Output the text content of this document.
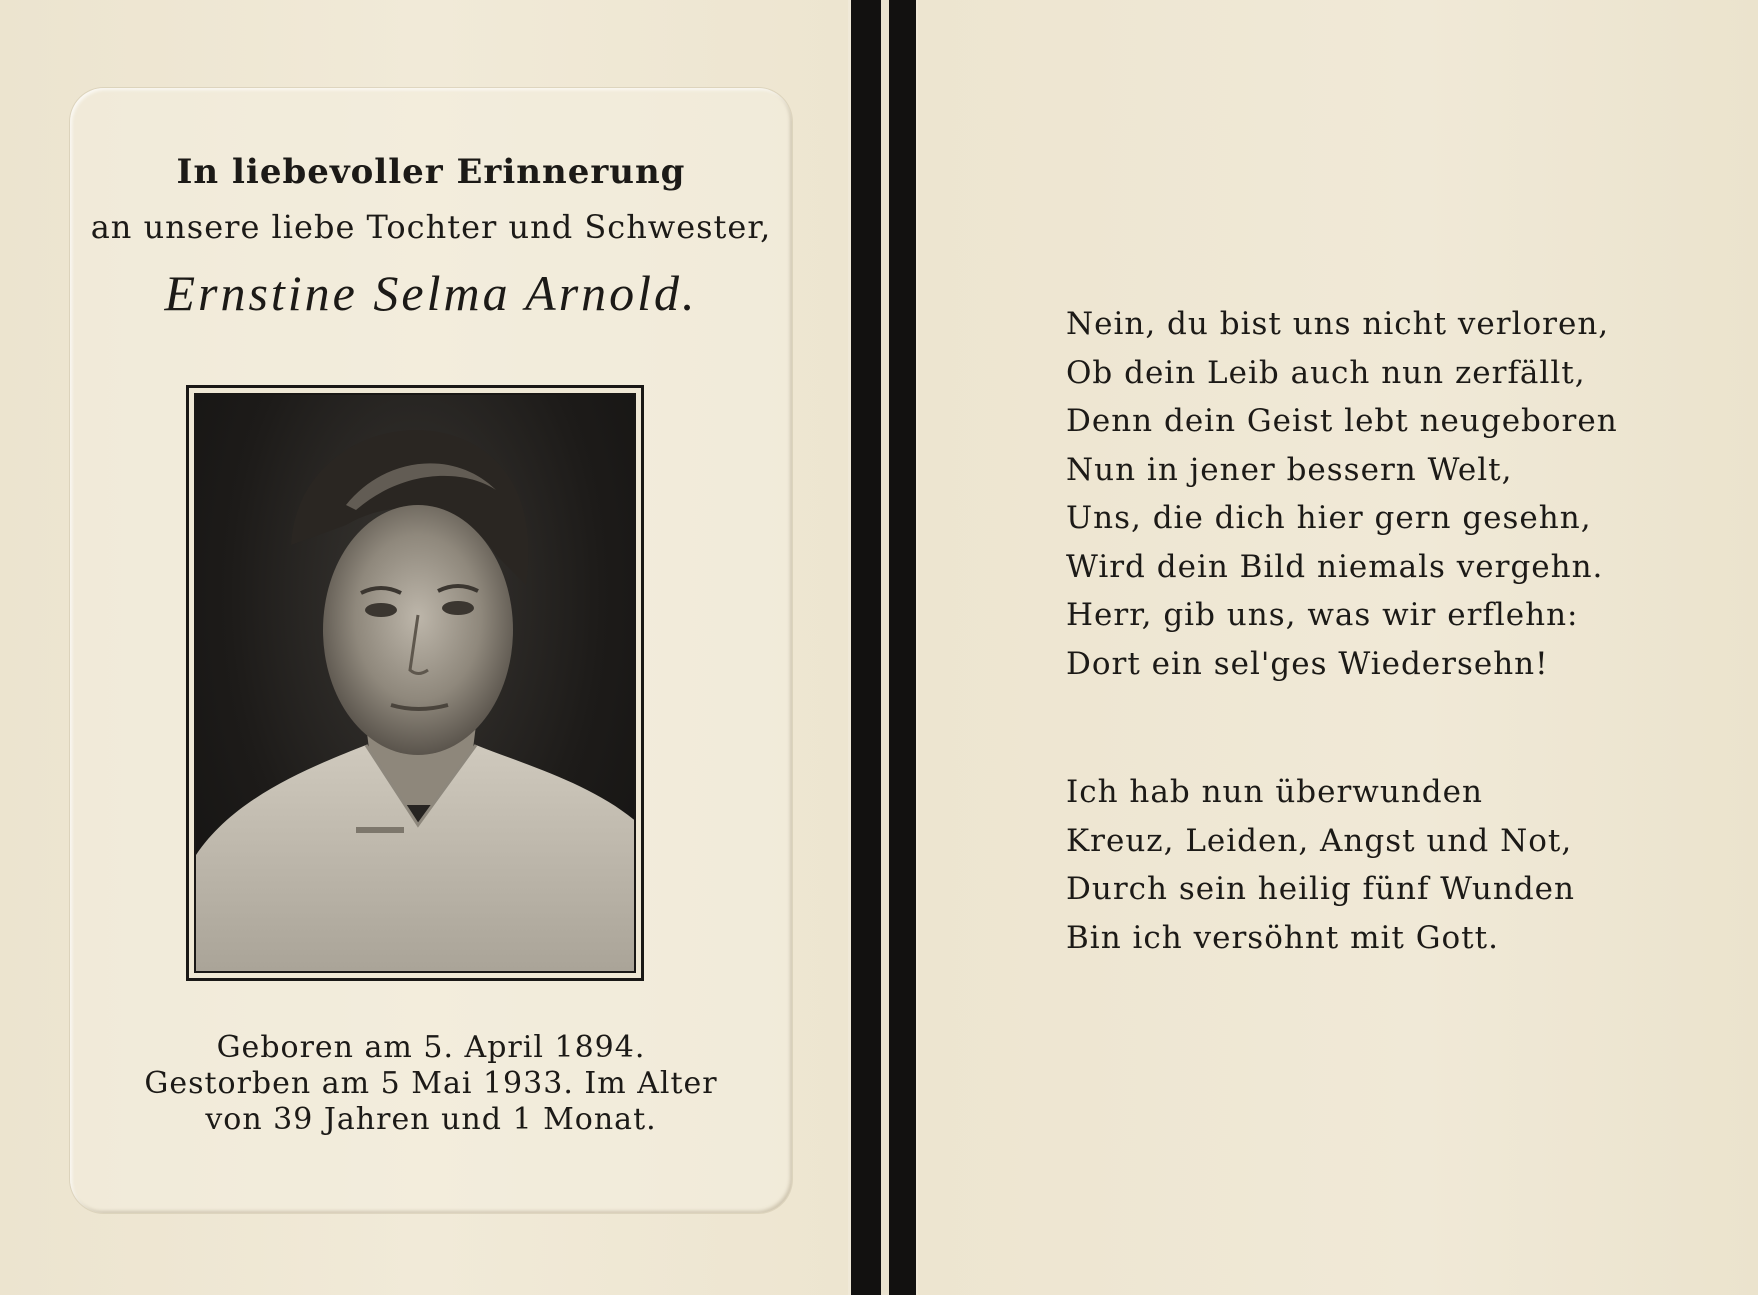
In liebevoller Erinnerung
an unsere liebe Tochter und Schwester,
Ernstine Selma Arnold.
Geboren am 5. April 1894.
Gestorben am 5 Mai 1933. Im Alter
von 39 Jahren und 1 Monat.
Nein, du bist uns nicht verloren,
Ob dein Leib auch nun zerfällt,
Denn dein Geist lebt neugeboren
Nun in jener bessern Welt,
Uns, die dich hier gern gesehn,
Wird dein Bild niemals vergehn.
Herr, gib uns, was wir erflehn:
Dort ein sel'ges Wiedersehn!
Ich hab nun überwunden
Kreuz, Leiden, Angst und Not,
Durch sein heilig fünf Wunden
Bin ich versöhnt mit Gott.
